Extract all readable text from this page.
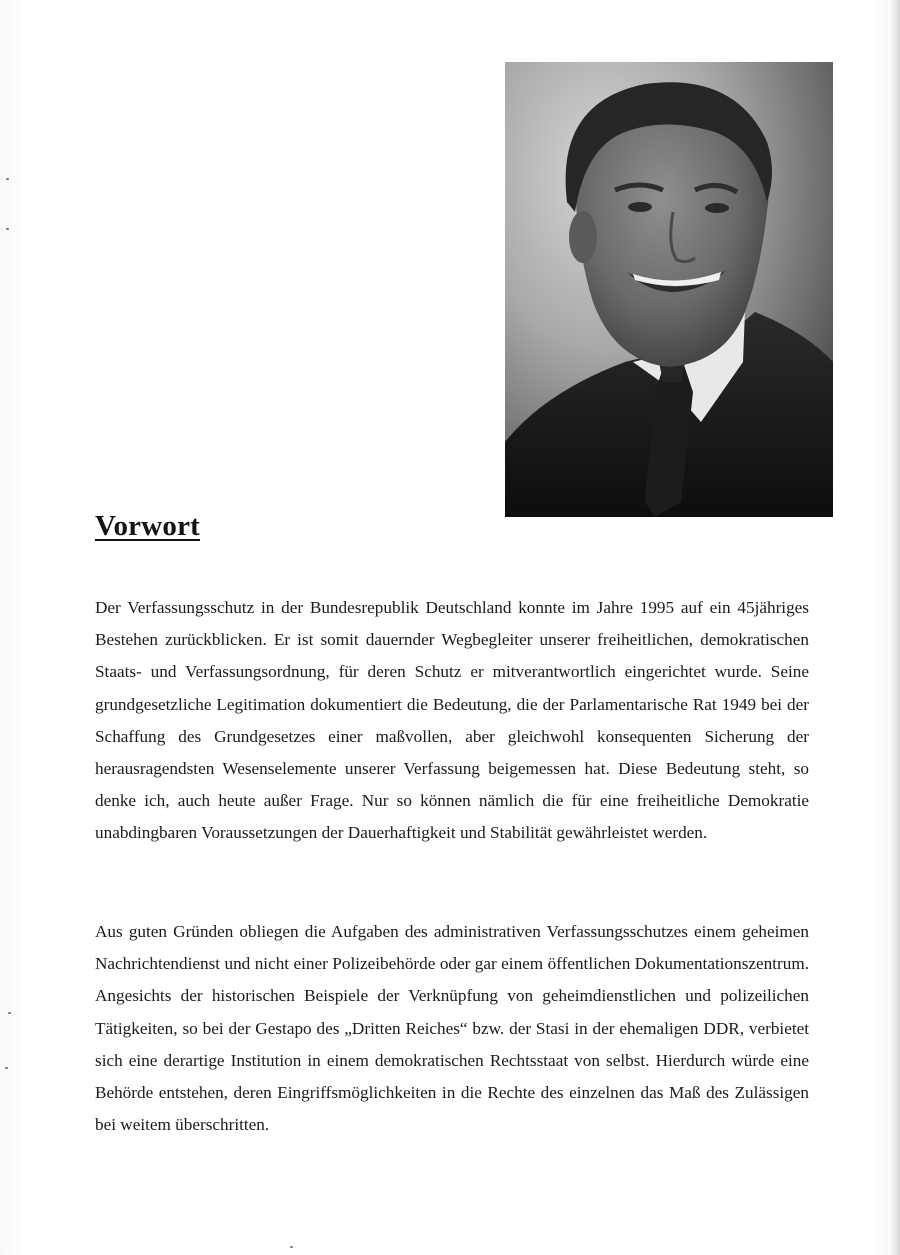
Vorwort

Der Verfassungsschutz in der Bundesrepublik Deutschland konnte im Jahre 1995 auf ein 45jähriges Bestehen zurückblicken. Er ist somit dauernder Wegbegleiter unserer freiheitlichen, demokratischen Staats- und Verfassungsordnung, für deren Schutz er mitverantwortlich eingerichtet wurde. Seine grundgesetzliche Legitimation dokumentiert die Bedeutung, die der Parlamentarische Rat 1949 bei der Schaffung des Grundgesetzes einer maßvollen, aber gleichwohl konsequenten Sicherung der herausragendsten Wesenselemente unserer Verfassung beigemessen hat. Diese Bedeutung steht, so denke ich, auch heute außer Frage. Nur so können nämlich die für eine freiheitliche Demokratie unabdingbaren Voraussetzungen der Dauerhaftigkeit und Stabilität gewährleistet werden.

Aus guten Gründen obliegen die Aufgaben des administrativen Verfassungsschutzes einem geheimen Nachrichtendienst und nicht einer Polizeibehörde oder gar einem öffentlichen Dokumentationszentrum. Angesichts der historischen Beispiele der Verknüpfung von geheimdienstlichen und polizeilichen Tätigkeiten, so bei der Gestapo des „Dritten Reiches“ bzw. der Stasi in der ehemaligen DDR, verbietet sich eine derartige Institution in einem demokratischen Rechtsstaat von selbst. Hierdurch würde eine Behörde entstehen, deren Eingriffsmöglichkeiten in die Rechte des einzelnen das Maß des Zulässigen bei weitem überschritten.
